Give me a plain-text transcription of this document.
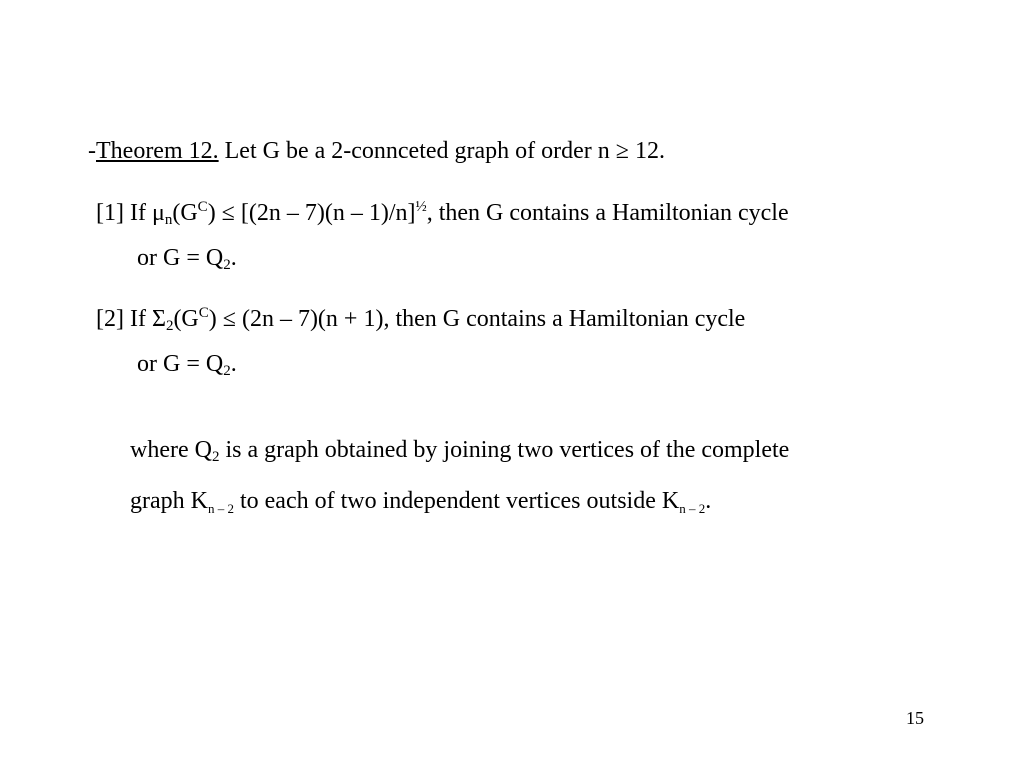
-Theorem 12. Let G be a 2-connceted graph of order n ≥ 12.
[1] If $\mu_n(G^C) \le [(2n - 7)(n - 1)/n]^{\frac{1}{2}}$, then G contains a Hamiltonian cycle
or $G = Q_2$.
[2] If $\Sigma_2(G^C) \le (2n - 7)(n + 1)$, then G contains a Hamiltonian cycle
or $G = Q_2$.
where $Q_2$ is a graph obtained by joining two vertices of the complete
graph $K_{n - 2}$ to each of two independent vertices outside $K_{n - 2}$.
15
